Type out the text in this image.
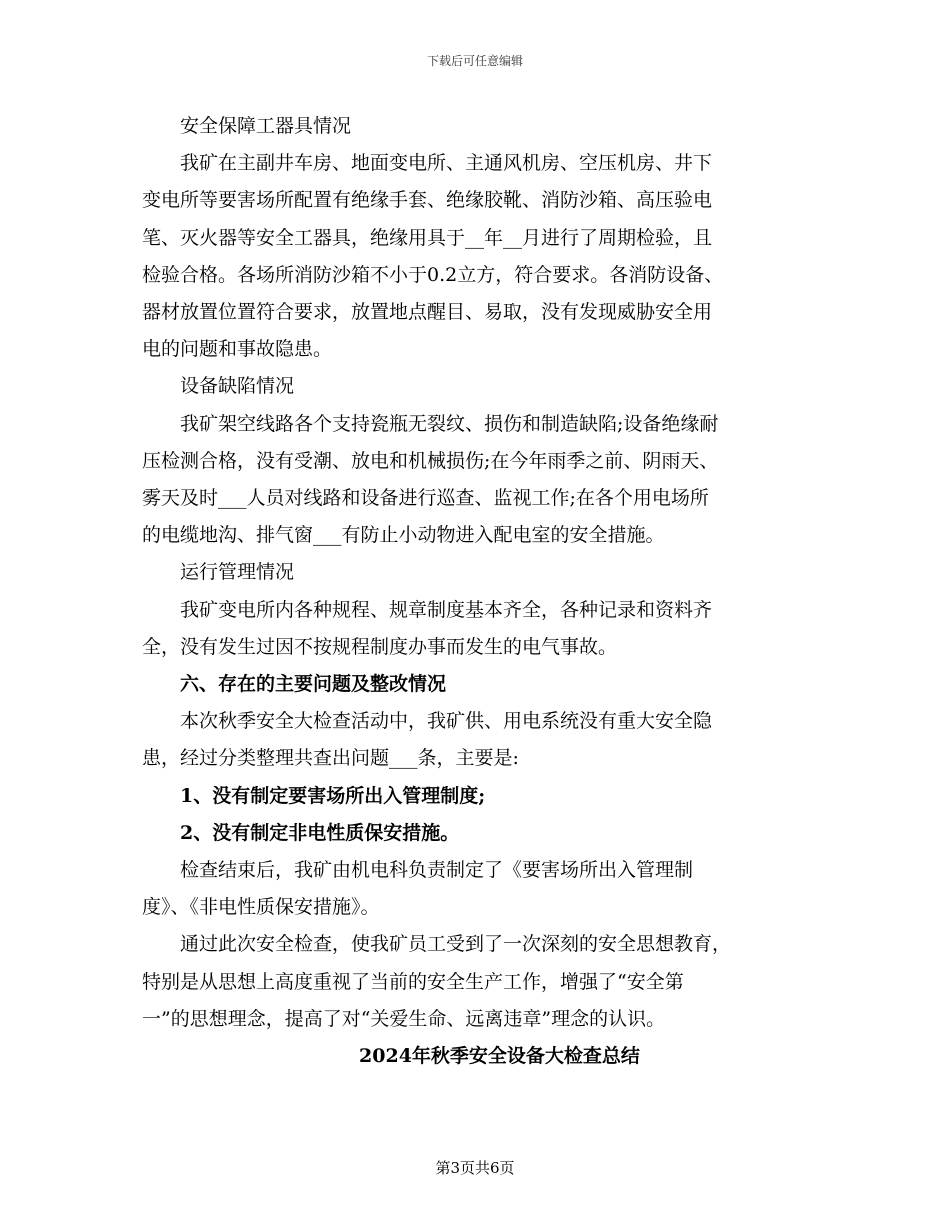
下载后可任意编辑

安全保障工器具情况

我矿在主副井车房、地面变电所、主通风机房、空压机房、井下
变电所等要害场所配置有绝缘手套、绝缘胶靴、消防沙箱、高压验电
笔、灭火器等安全工器具，绝缘用具于__年__月进行了周期检验，且
检验合格。各场所消防沙箱不小于0.2立方，符合要求。各消防设备、
器材放置位置符合要求，放置地点醒目、易取，没有发现威胁安全用
电的问题和事故隐患。

设备缺陷情况

我矿架空线路各个支持瓷瓶无裂纹、损伤和制造缺陷;设备绝缘耐
压检测合格，没有受潮、放电和机械损伤;在今年雨季之前、阴雨天、
雾天及时___人员对线路和设备进行巡查、监视工作;在各个用电场所
的电缆地沟、排气窗___有防止小动物进入配电室的安全措施。

运行管理情况

我矿变电所内各种规程、规章制度基本齐全，各种记录和资料齐
全，没有发生过因不按规程制度办事而发生的电气事故。

六、存在的主要问题及整改情况

本次秋季安全大检查活动中，我矿供、用电系统没有重大安全隐
患，经过分类整理共查出问题___条，主要是:

1、没有制定要害场所出入管理制度;

2、没有制定非电性质保安措施。

检查结束后，我矿由机电科负责制定了《要害场所出入管理制
度》、《非电性质保安措施》。
通过此次安全检查，使我矿员工受到了一次深刻的安全思想教育，
特别是从思想上高度重视了当前的安全生产工作，增强了“安全第
一”的思想理念，提高了对“关爱生命、远离违章”理念的认识。

2024年秋季安全设备大检查总结

第3页共6页
